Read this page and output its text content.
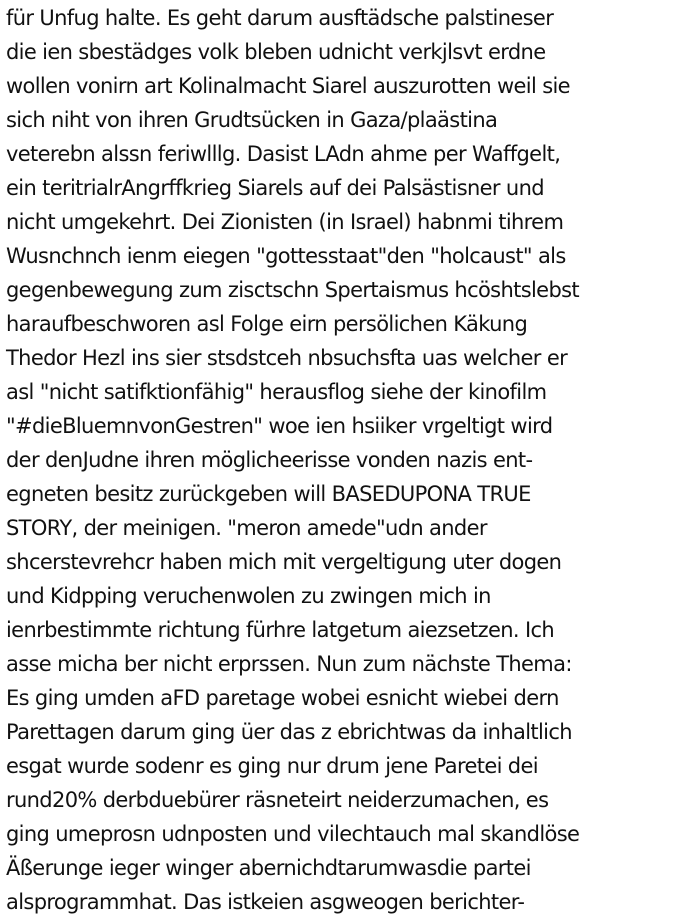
für Unfug halte. Es geht darum ausftädsche palstineser
die ien sbestädges volk bleben udnicht verkjlsvt erdne
wollen vonirn art Kolinalmacht Siarel auszurotten weil sie
sich niht von ihren Grudtsücken in Gaza/plaästina
veterebn alssn feriwlllg. Dasist LAdn ahme per Waffgelt,
ein teritrialrAngrffkrieg Siarels auf dei Palsästisner und
nicht umgekehrt. Dei Zionisten (in Israel) habnmi tihrem
Wusnchnch ienm eiegen "gottesstaat"den "holcaust" als
gegenbewegung zum zisctschn Spertaismus hcöshtslebst
haraufbeschworen asl Folge eirn persölichen Käkung
Thedor Hezl ins sier stsdstceh nbsuchsfta uas welcher er
asl "nicht satifktionfähig" herausflog siehe der kinofilm
"#dieBluemnvonGestren" woe ien hsiiker vrgeltigt wird
der denJudne ihren möglicheerisse vonden nazis ent-
egneten besitz zurückgeben will BASEDUPONA TRUE
STORY, der meinigen. "meron amede"udn ander
shcerstevrehcr haben mich mit vergeltigung uter dogen
und Kidpping veruchenwolen zu zwingen mich in
ienrbestimmte richtung fürhre latgetum aiezsetzen. Ich
asse micha ber nicht erprssen. Nun zum nächste Thema:
Es ging umden aFD paretage wobei esnicht wiebei dern
Parettagen darum ging üer das z ebrichtwas da inhaltlich
esgat wurde sodenr es ging nur drum jene Paretei dei
rund20% derbduebürer räsneteirt neiderzumachen, es
ging umeprosn udnposten und vilechtauch mal skandlöse
Äßerunge ieger winger abernichdtarumwasdie partei
alsprogrammhat. Das istkeien asgweogen berichter-
